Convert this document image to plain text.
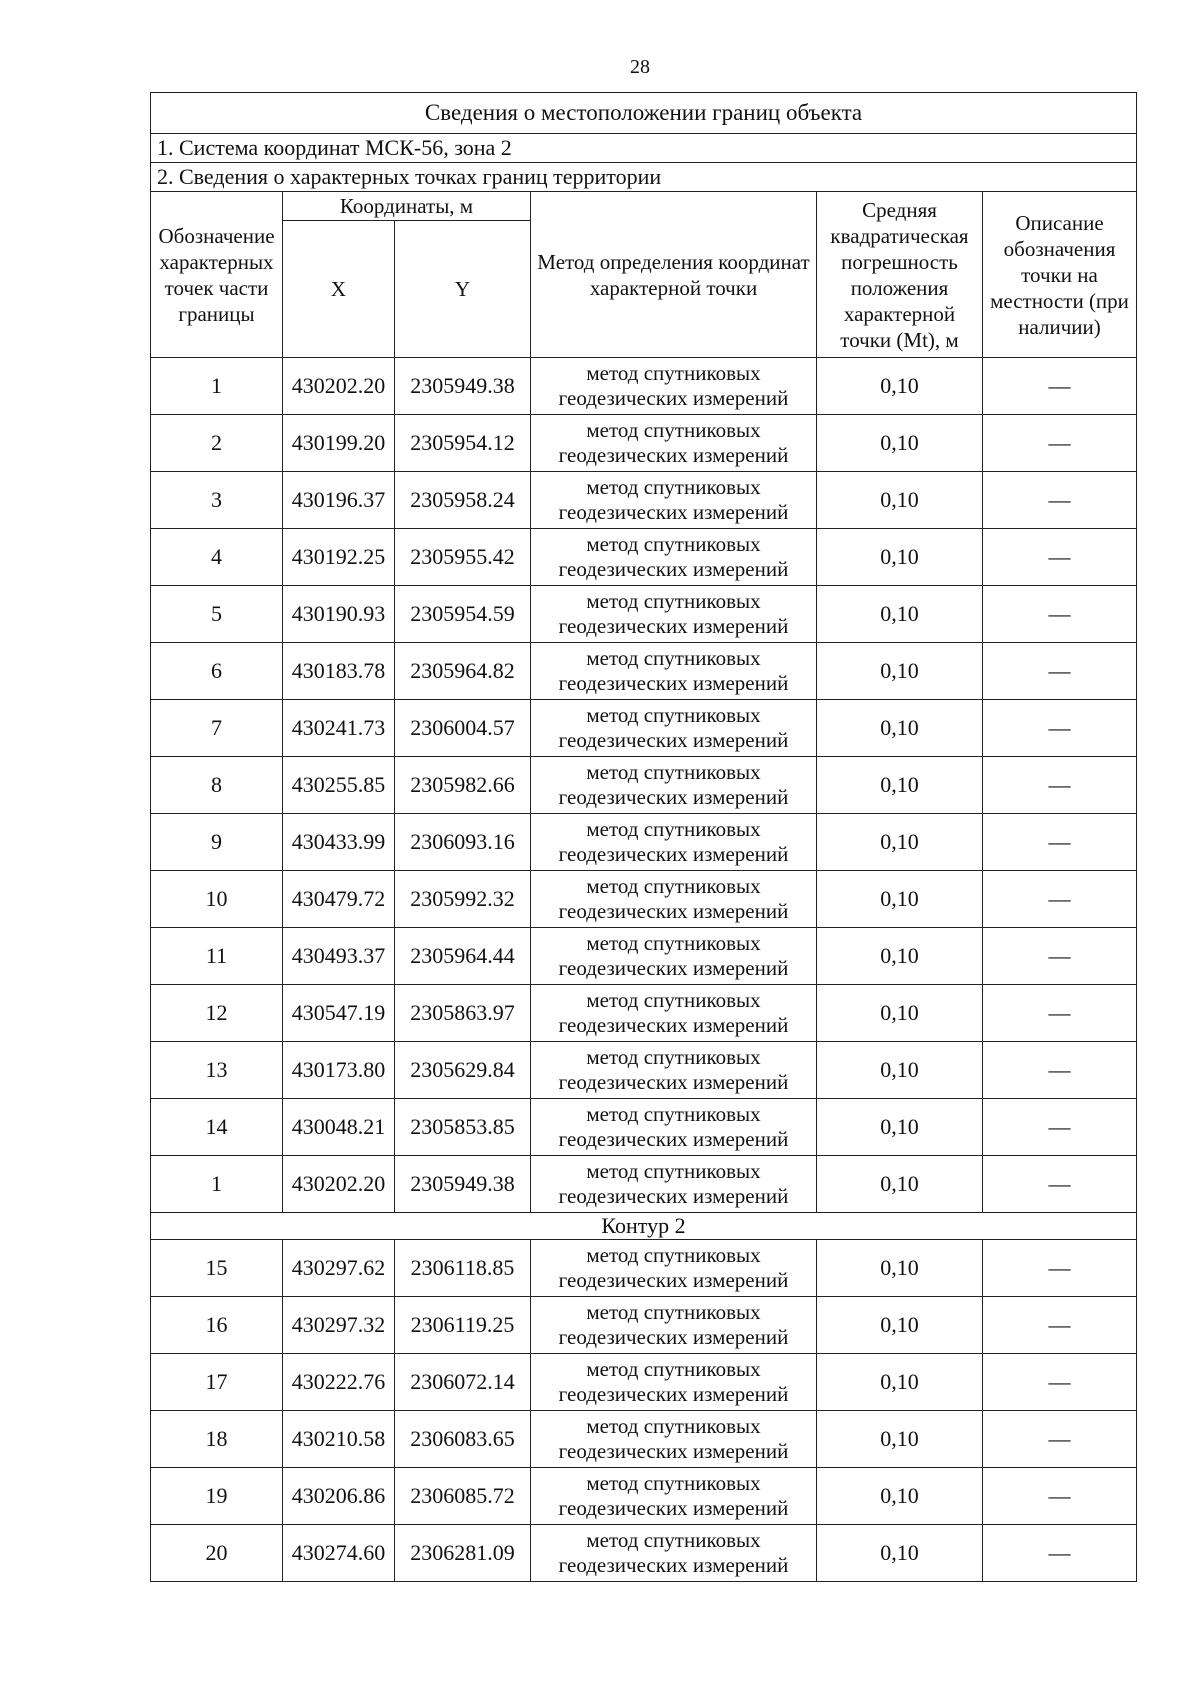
28
Сведения о местоположении границ объекта					
1. Система координат МСК-56, зона 2					
2. Сведения о характерных точках границ территории					
Обозначение характерных точек части границы	Координаты, м		Метод определения координат характерной точки	Средняя квадратическая погрешность положения характерной точки (Mt), м	Описание обозначения точки на местности (при наличии)
	X	Y			
1	430202.20	2305949.38	метод спутниковых геодезических измерений	0,10	—
2	430199.20	2305954.12	метод спутниковых геодезических измерений	0,10	—
3	430196.37	2305958.24	метод спутниковых геодезических измерений	0,10	—
4	430192.25	2305955.42	метод спутниковых геодезических измерений	0,10	—
5	430190.93	2305954.59	метод спутниковых геодезических измерений	0,10	—
6	430183.78	2305964.82	метод спутниковых геодезических измерений	0,10	—
7	430241.73	2306004.57	метод спутниковых геодезических измерений	0,10	—
8	430255.85	2305982.66	метод спутниковых геодезических измерений	0,10	—
9	430433.99	2306093.16	метод спутниковых геодезических измерений	0,10	—
10	430479.72	2305992.32	метод спутниковых геодезических измерений	0,10	—
11	430493.37	2305964.44	метод спутниковых геодезических измерений	0,10	—
12	430547.19	2305863.97	метод спутниковых геодезических измерений	0,10	—
13	430173.80	2305629.84	метод спутниковых геодезических измерений	0,10	—
14	430048.21	2305853.85	метод спутниковых геодезических измерений	0,10	—
1	430202.20	2305949.38	метод спутниковых геодезических измерений	0,10	—
Контур 2					
15	430297.62	2306118.85	метод спутниковых геодезических измерений	0,10	—
16	430297.32	2306119.25	метод спутниковых геодезических измерений	0,10	—
17	430222.76	2306072.14	метод спутниковых геодезических измерений	0,10	—
18	430210.58	2306083.65	метод спутниковых геодезических измерений	0,10	—
19	430206.86	2306085.72	метод спутниковых геодезических измерений	0,10	—
20	430274.60	2306281.09	метод спутниковых геодезических измерений	0,10	—
